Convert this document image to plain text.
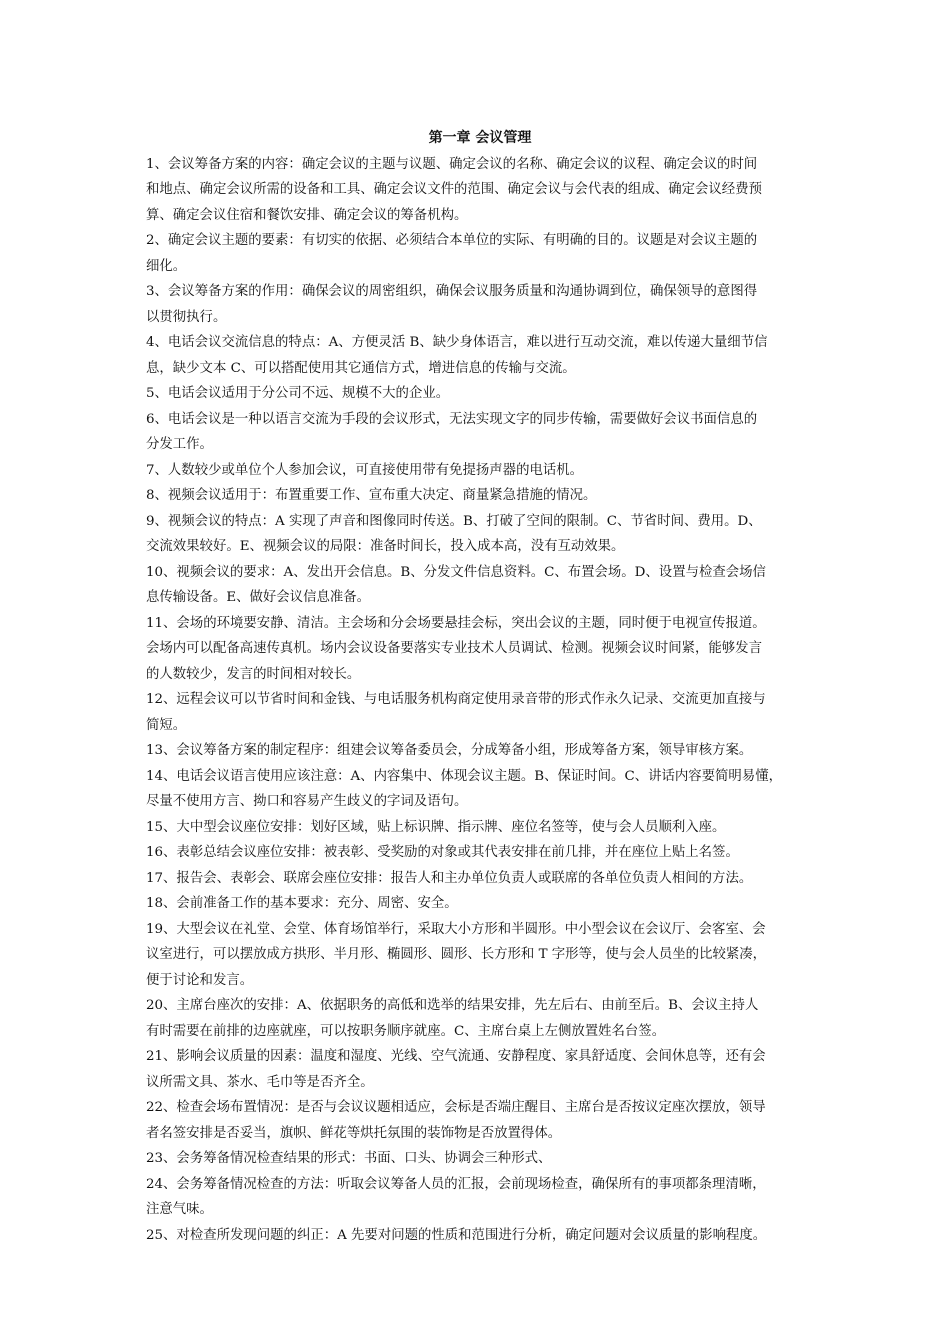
第一章 会议管理
1、会议筹备方案的内容：确定会议的主题与议题、确定会议的名称、确定会议的议程、确定会议的时间
和地点、确定会议所需的设备和工具、确定会议文件的范围、确定会议与会代表的组成、确定会议经费预
算、确定会议住宿和餐饮安排、确定会议的筹备机构。
2、确定会议主题的要素：有切实的依据、必须结合本单位的实际、有明确的目的。议题是对会议主题的
细化。
3、会议筹备方案的作用：确保会议的周密组织，确保会议服务质量和沟通协调到位，确保领导的意图得
以贯彻执行。
4、电话会议交流信息的特点：A、方便灵活 B、缺少身体语言，难以进行互动交流，难以传递大量细节信
息，缺少文本 C、可以搭配使用其它通信方式，增进信息的传输与交流。
5、电话会议适用于分公司不远、规模不大的企业。
6、电话会议是一种以语言交流为手段的会议形式，无法实现文字的同步传输，需要做好会议书面信息的
分发工作。
7、人数较少或单位个人参加会议，可直接使用带有免提扬声器的电话机。
8、视频会议适用于：布置重要工作、宣布重大决定、商量紧急措施的情况。
9、视频会议的特点：A 实现了声音和图像同时传送。B、打破了空间的限制。C、节省时间、费用。D、
交流效果较好。E、视频会议的局限：准备时间长，投入成本高，没有互动效果。
10、视频会议的要求：A、发出开会信息。B、分发文件信息资料。C、布置会场。D、设置与检查会场信
息传输设备。E、做好会议信息准备。
11、会场的环境要安静、清洁。主会场和分会场要悬挂会标，突出会议的主题，同时便于电视宣传报道。
会场内可以配备高速传真机。场内会议设备要落实专业技术人员调试、检测。视频会议时间紧，能够发言
的人数较少，发言的时间相对较长。
12、远程会议可以节省时间和金钱、与电话服务机构商定使用录音带的形式作永久记录、交流更加直接与
简短。
13、会议筹备方案的制定程序：组建会议筹备委员会，分成筹备小组，形成筹备方案，领导审核方案。
14、电话会议语言使用应该注意：A、内容集中、体现会议主题。B、保证时间。C、讲话内容要简明易懂，
尽量不使用方言、拗口和容易产生歧义的字词及语句。
15、大中型会议座位安排：划好区域，贴上标识牌、指示牌、座位名签等，使与会人员顺利入座。
16、表彰总结会议座位安排：被表彰、受奖励的对象或其代表安排在前几排，并在座位上贴上名签。
17、报告会、表彰会、联席会座位安排：报告人和主办单位负责人或联席的各单位负责人相间的方法。
18、会前准备工作的基本要求：充分、周密、安全。
19、大型会议在礼堂、会堂、体育场馆举行，采取大小方形和半圆形。中小型会议在会议厅、会客室、会
议室进行，可以摆放成方拱形、半月形、椭圆形、圆形、长方形和 T 字形等，使与会人员坐的比较紧凑，
便于讨论和发言。
20、主席台座次的安排：A、依据职务的高低和选举的结果安排，先左后右、由前至后。B、会议主持人
有时需要在前排的边座就座，可以按职务顺序就座。C、主席台桌上左侧放置姓名台签。
21、影响会议质量的因素：温度和湿度、光线、空气流通、安静程度、家具舒适度、会间休息等，还有会
议所需文具、茶水、毛巾等是否齐全。
22、检查会场布置情况：是否与会议议题相适应，会标是否端庄醒目、主席台是否按议定座次摆放，领导
者名签安排是否妥当，旗帜、鲜花等烘托氛围的装饰物是否放置得体。
23、会务筹备情况检查结果的形式：书面、口头、协调会三种形式、
24、会务筹备情况检查的方法：听取会议筹备人员的汇报，会前现场检查，确保所有的事项都条理清晰，
注意气味。
25、对检查所发现问题的纠正：A 先要对问题的性质和范围进行分析，确定问题对会议质量的影响程度。
